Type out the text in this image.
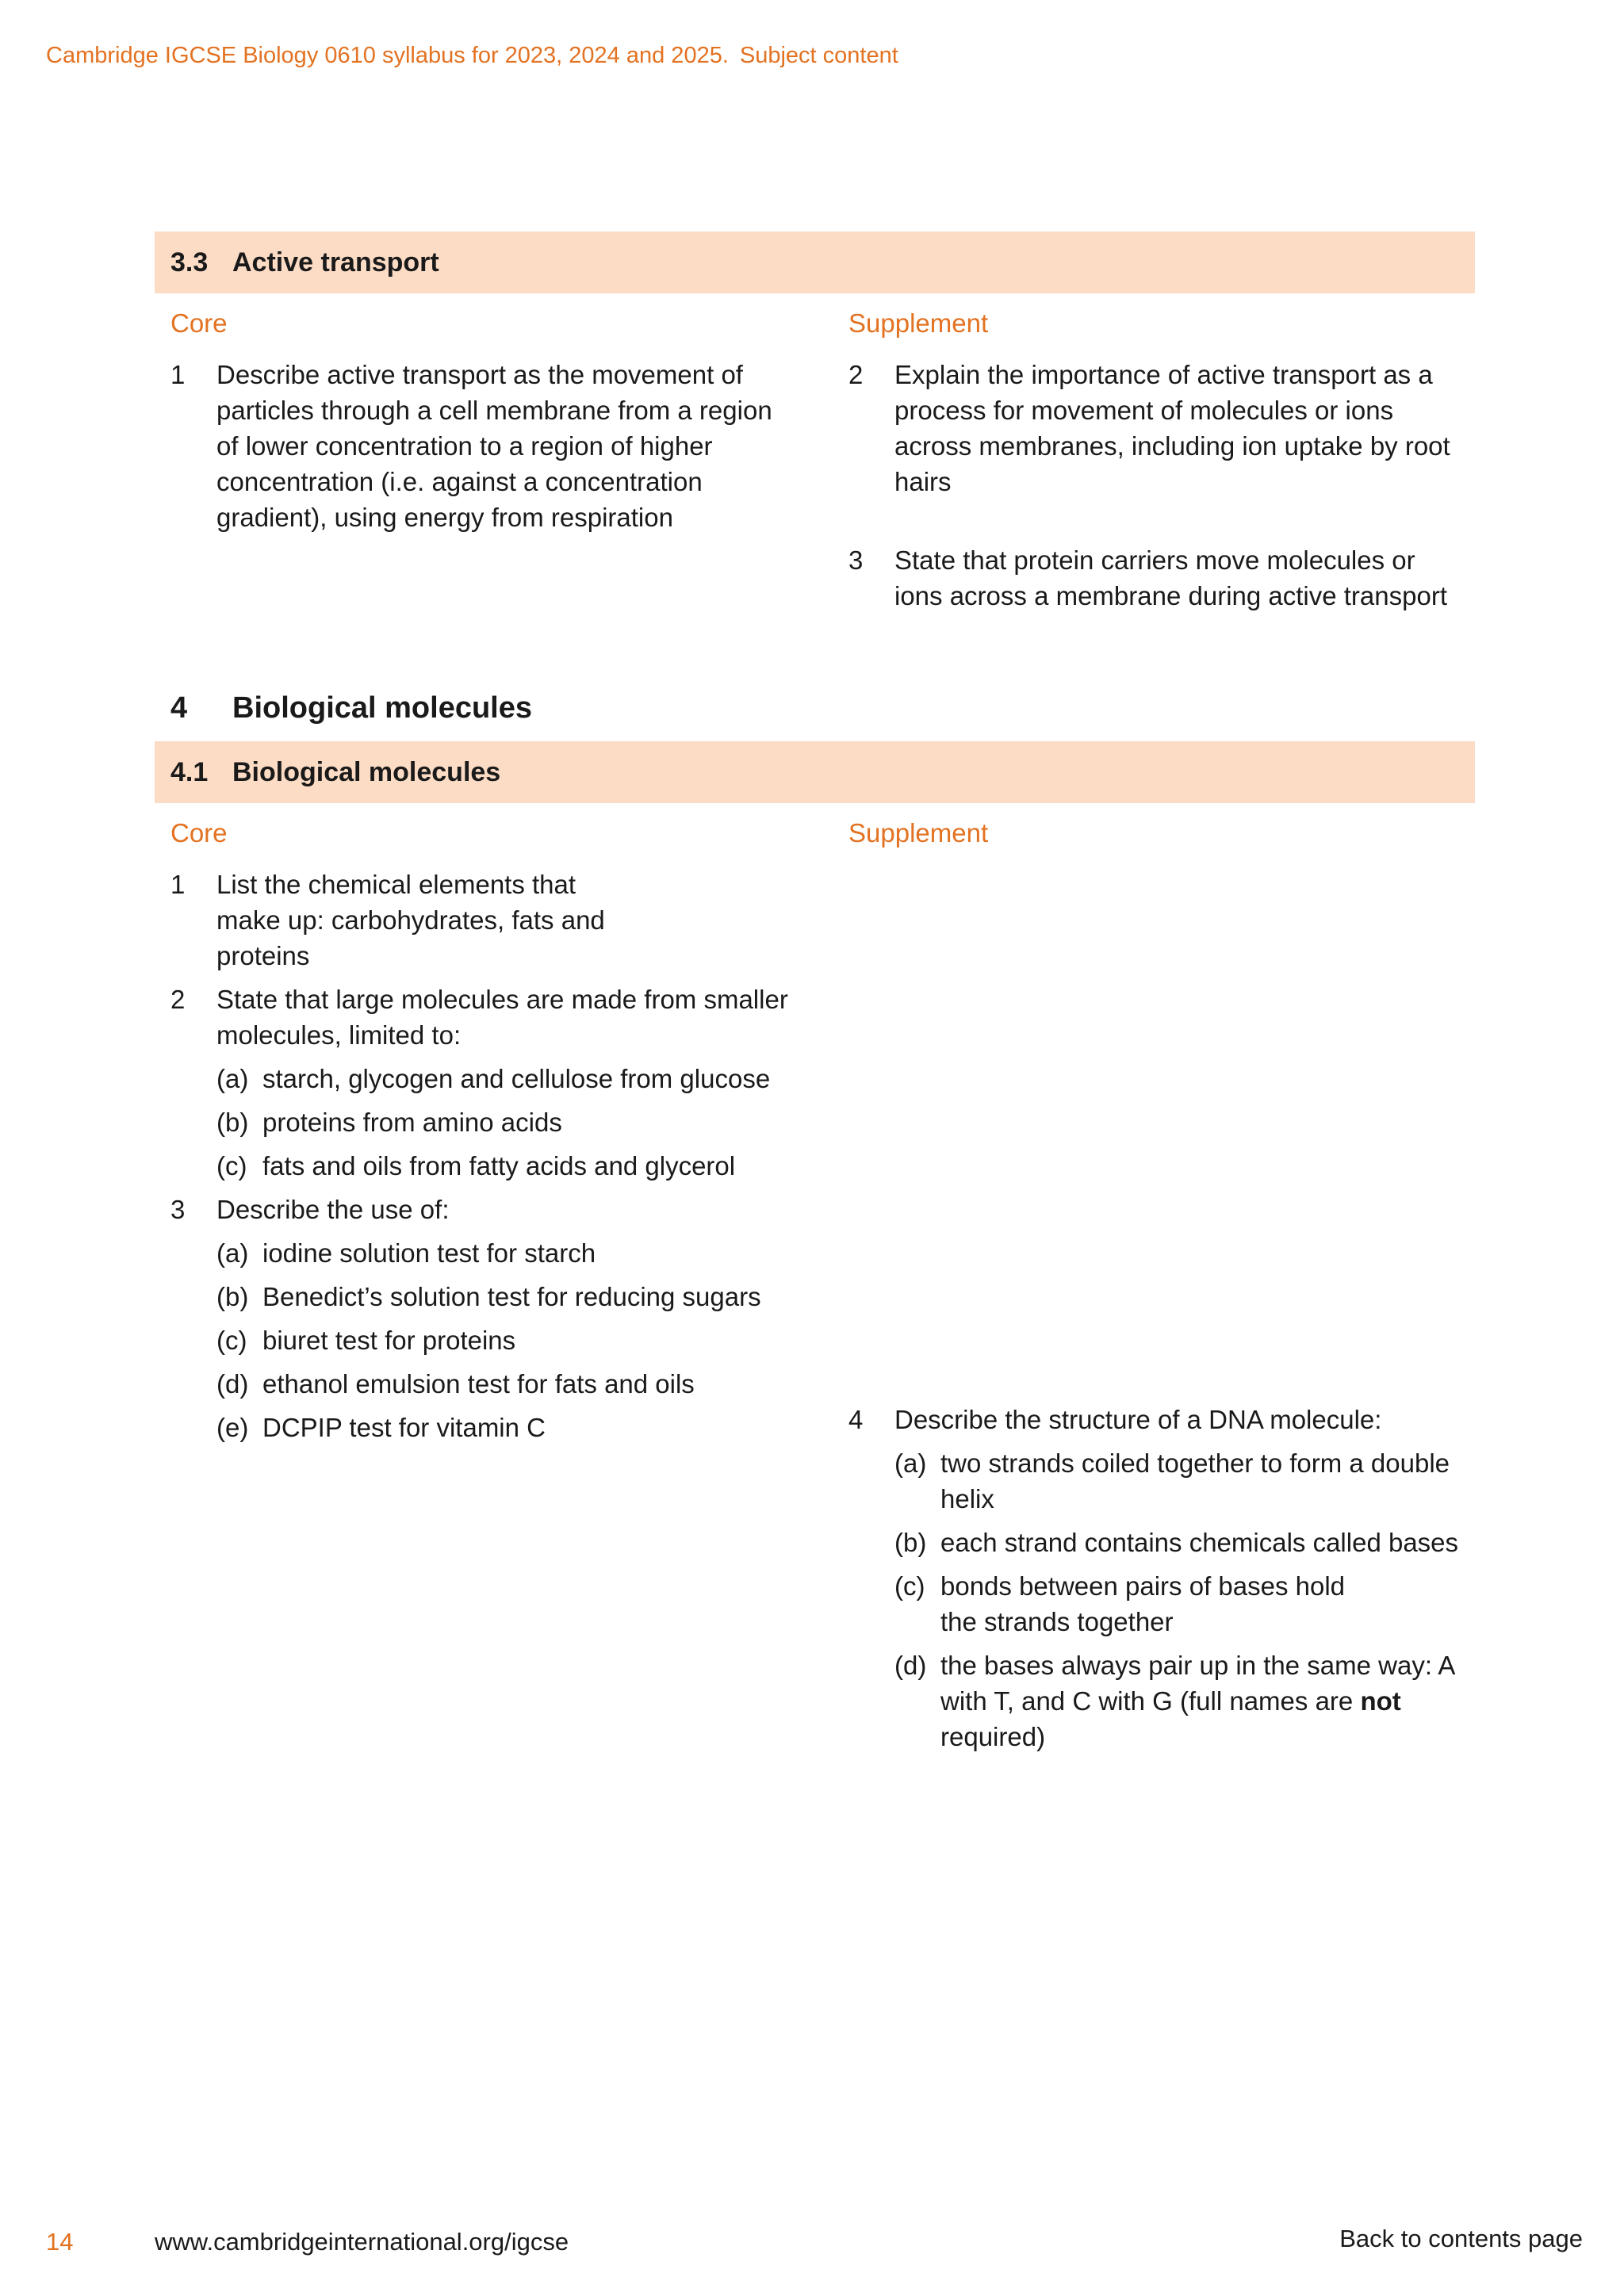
Cambridge IGCSE Biology 0610 syllabus for 2023, 2024 and 2025. Subject content
3.3 Active transport
Core
1	Describe active transport as the movement of particles through a cell membrane from a region of lower concentration to a region of higher concentration (i.e. against a concentration gradient), using energy from respiration
Supplement
2	Explain the importance of active transport as a process for movement of molecules or ions across membranes, including ion uptake by root hairs
3	State that protein carriers move molecules or ions across a membrane during active transport
4	Biological molecules
4.1 Biological molecules
Core
1	List the chemical elements that make up: carbohydrates, fats and proteins
2	State that large molecules are made from smaller molecules, limited to:
(a) starch, glycogen and cellulose from glucose
(b) proteins from amino acids
(c) fats and oils from fatty acids and glycerol
3	Describe the use of:
(a) iodine solution test for starch
(b) Benedict’s solution test for reducing sugars
(c) biuret test for proteins
(d) ethanol emulsion test for fats and oils
(e) DCPIP test for vitamin C
Supplement
4	Describe the structure of a DNA molecule:
(a) two strands coiled together to form a double helix
(b) each strand contains chemicals called bases
(c) bonds between pairs of bases hold the strands together
(d) the bases always pair up in the same way: A with T, and C with G (full names are not required)
14	www.cambridgeinternational.org/igcse	Back to contents page
